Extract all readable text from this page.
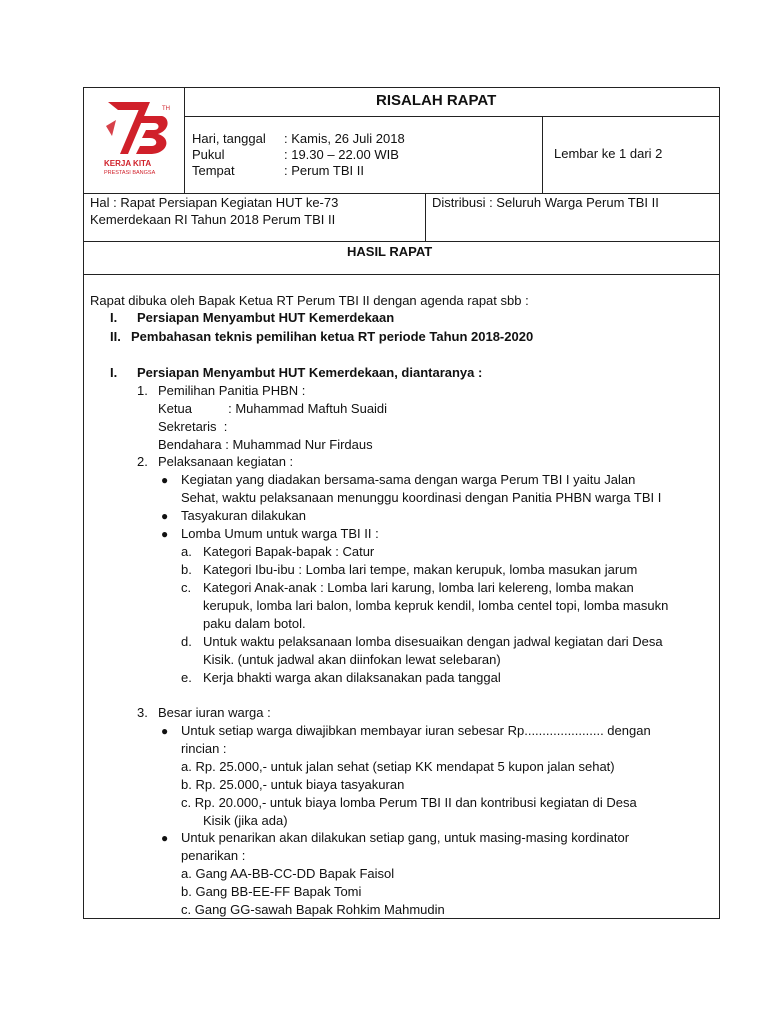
TH
KERJA KITA
PRESTASI BANGSA
RISALAH RAPAT
Hari, tanggal : Kamis, 26 Juli 2018
Pukul	: 19.30 – 22.00 WIB
Tempat	: Perum TBI II
Lembar ke 1 dari 2
Hal : Rapat Persiapan Kegiatan HUT ke-73
Kemerdekaan RI Tahun 2018 Perum TBI II
Distribusi : Seluruh Warga Perum TBI II
HASIL RAPAT
Rapat dibuka oleh Bapak Ketua RT Perum TBI II dengan agenda rapat sbb :
I. Persiapan Menyambut HUT Kemerdekaan
II. Pembahasan teknis pemilihan ketua RT periode Tahun 2018-2020
I. Persiapan Menyambut HUT Kemerdekaan, diantaranya :
1. Pemilihan Panitia PHBN :
Ketua          : Muhammad Maftuh Suaidi
Sekretaris  :
Bendahara : Muhammad Nur Firdaus
2. Pelaksanaan kegiatan :
● Kegiatan yang diadakan bersama-sama dengan warga Perum TBI I yaitu Jalan
Sehat, waktu pelaksanaan menunggu koordinasi dengan Panitia PHBN warga TBI I
● Tasyakuran dilakukan
● Lomba Umum untuk warga TBI II :
a. Kategori Bapak-bapak : Catur
b. Kategori Ibu-ibu : Lomba lari tempe, makan kerupuk, lomba masukan jarum
c. Kategori Anak-anak : Lomba lari karung, lomba lari kelereng, lomba makan
kerupuk, lomba lari balon, lomba kepruk kendil, lomba centel topi, lomba masukn
paku dalam botol.
d. Untuk waktu pelaksanaan lomba disesuaikan dengan jadwal kegiatan dari Desa
Kisik. (untuk jadwal akan diinfokan lewat selebaran)
e. Kerja bhakti warga akan dilaksanakan pada tanggal
3. Besar iuran warga :
● Untuk setiap warga diwajibkan membayar iuran sebesar Rp...................... dengan
rincian :
a. Rp. 25.000,- untuk jalan sehat (setiap KK mendapat 5 kupon jalan sehat)
b. Rp. 25.000,- untuk biaya tasyakuran
c. Rp. 20.000,- untuk biaya lomba Perum TBI II dan kontribusi kegiatan di Desa
Kisik (jika ada)
● Untuk penarikan akan dilakukan setiap gang, untuk masing-masing kordinator
penarikan :
a. Gang AA-BB-CC-DD Bapak Faisol
b. Gang BB-EE-FF Bapak Tomi
c. Gang GG-sawah Bapak Rohkim Mahmudin
